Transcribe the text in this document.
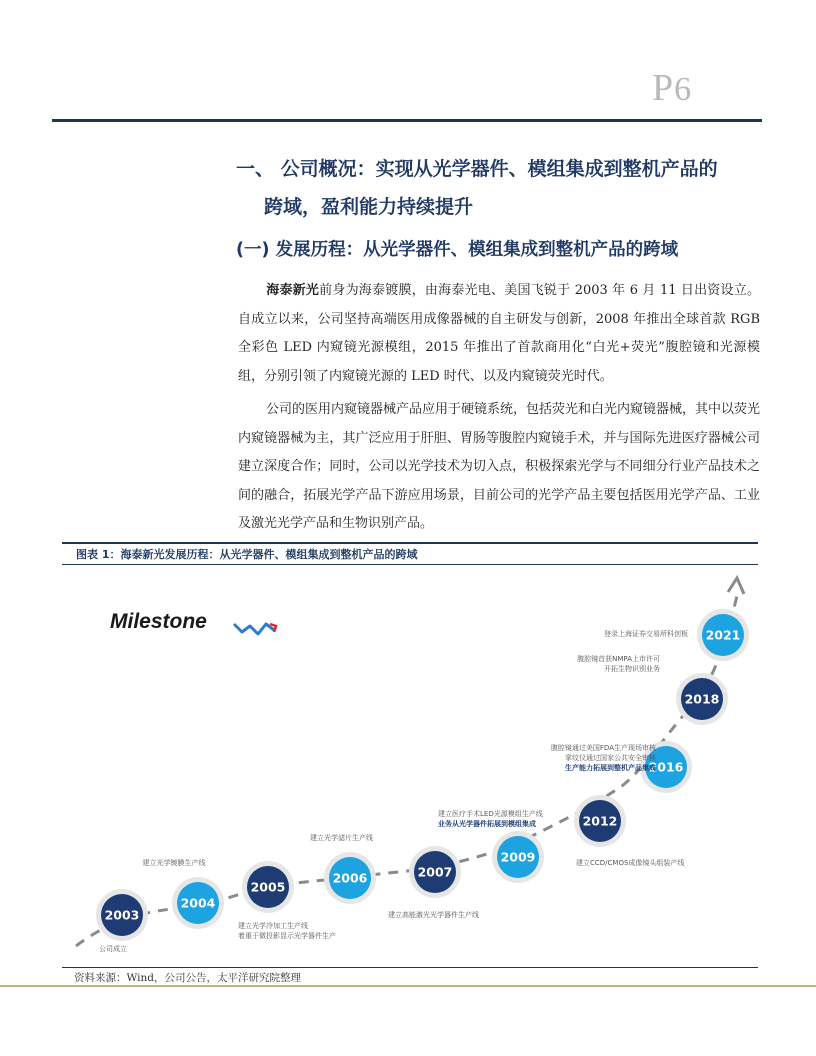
P6
一、 公司概况：实现从光学器件、模组集成到整机产品的
跨域，盈利能力持续提升
(一) 发展历程：从光学器件、模组集成到整机产品的跨域
海泰新光前身为海泰镀膜，由海泰光电、美国飞锐于 2003 年 6 月 11 日出资设立。自成立以来，公司坚持高端医用成像器械的自主研发与创新，2008 年推出全球首款 RGB 全彩色 LED 内窥镜光源模组，2015 年推出了首款商用化“白光+荧光”腹腔镜和光源模组，分别引领了内窥镜光源的 LED 时代、以及内窥镜荧光时代。
公司的医用内窥镜器械产品应用于硬镜系统，包括荧光和白光内窥镜器械，其中以荧光内窥镜器械为主，其广泛应用于肝胆、胃肠等腹腔内窥镜手术，并与国际先进医疗器械公司建立深度合作；同时，公司以光学技术为切入点，积极探索光学与不同细分行业产品技术之间的融合，拓展光学产品下游应用场景，目前公司的光学产品主要包括医用光学产品、工业及激光光学产品和生物识别产品。
图表 1：海泰新光发展历程：从光学器件、模组集成到整机产品的跨域
Milestone
2003
公司成立
2004
建立光学镀膜生产线
2005
建立光学冷加工生产线
着重于微投影显示光学器件生产
2006
建立光学滤片生产线
2007
建立高能激光光学器件生产线
2009
建立医疗手术LED光源模组生产线
业务从光学器件拓展到模组集成	2012
建立CCD/CMOS成像镜头组装产线
2016
腹腔镜通过美国FDA生产现场审核
掌纹仪通过国家公共安全审核
生产能力拓展到整机产品集成
2018
腹腔镜首获NMPA上市许可
开拓生物识别业务
2021
登录上海证券交易所科创板
资料来源：Wind，公司公告，太平洋研究院整理
